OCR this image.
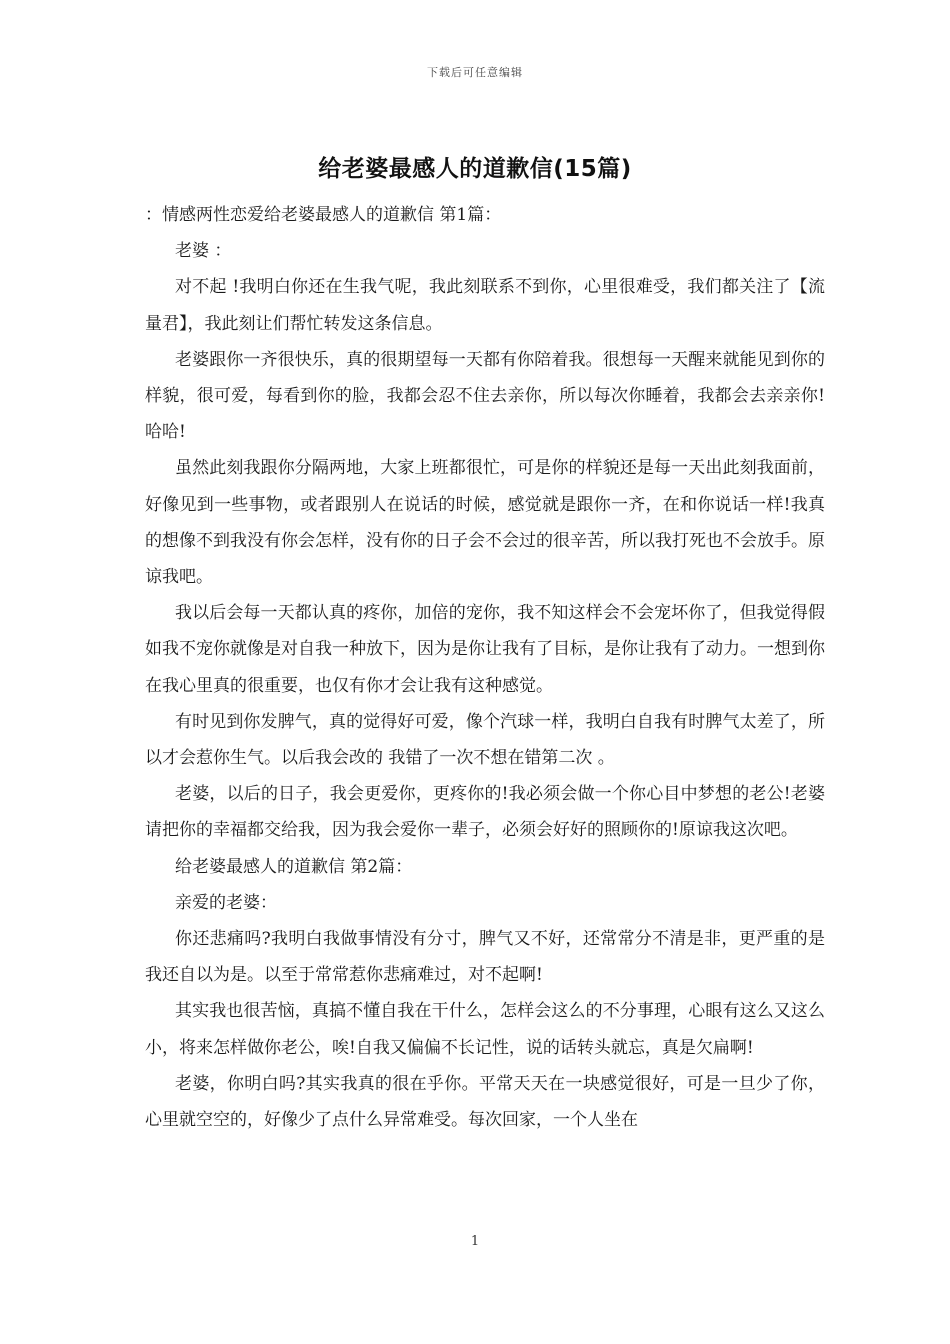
下载后可任意编辑
给老婆最感人的道歉信(15篇)

：情感两性恋爱给老婆最感人的道歉信 第1篇：

老婆 ：

对不起 !我明白你还在生我气呢，我此刻联系不到你，心里很难受，我们都关注了【流量君】，我此刻让们帮忙转发这条信息。

老婆跟你一齐很快乐，真的很期望每一天都有你陪着我。很想每一天醒来就能见到你的样貌，很可爱，每看到你的脸，我都会忍不住去亲你，所以每次你睡着，我都会去亲亲你!哈哈!

虽然此刻我跟你分隔两地，大家上班都很忙，可是你的样貌还是每一天出此刻我面前，好像见到一些事物，或者跟别人在说话的时候，感觉就是跟你一齐，在和你说话一样!我真的想像不到我没有你会怎样，没有你的日子会不会过的很辛苦，所以我打死也不会放手。原谅我吧。

我以后会每一天都认真的疼你，加倍的宠你，我不知这样会不会宠坏你了，但我觉得假如我不宠你就像是对自我一种放下，因为是你让我有了目标，是你让我有了动力。一想到你在我心里真的很重要，也仅有你才会让我有这种感觉。

有时见到你发脾气，真的觉得好可爱，像个汽球一样，我明白自我有时脾气太差了，所以才会惹你生气。以后我会改的 我错了一次不想在错第二次 。

老婆，以后的日子，我会更爱你，更疼你的!我必须会做一个你心目中梦想的老公!老婆请把你的幸福都交给我，因为我会爱你一辈子，必须会好好的照顾你的!原谅我这次吧。

给老婆最感人的道歉信 第2篇：

亲爱的老婆：

你还悲痛吗?我明白我做事情没有分寸，脾气又不好，还常常分不清是非，更严重的是我还自以为是。以至于常常惹你悲痛难过，对不起啊!

其实我也很苦恼，真搞不懂自我在干什么，怎样会这么的不分事理，心眼有这么又这么小，将来怎样做你老公，唉!自我又偏偏不长记性，说的话转头就忘，真是欠扁啊!

老婆，你明白吗?其实我真的很在乎你。平常天天在一块感觉很好，可是一旦少了你，心里就空空的，好像少了点什么异常难受。每次回家，一个人坐在

1
